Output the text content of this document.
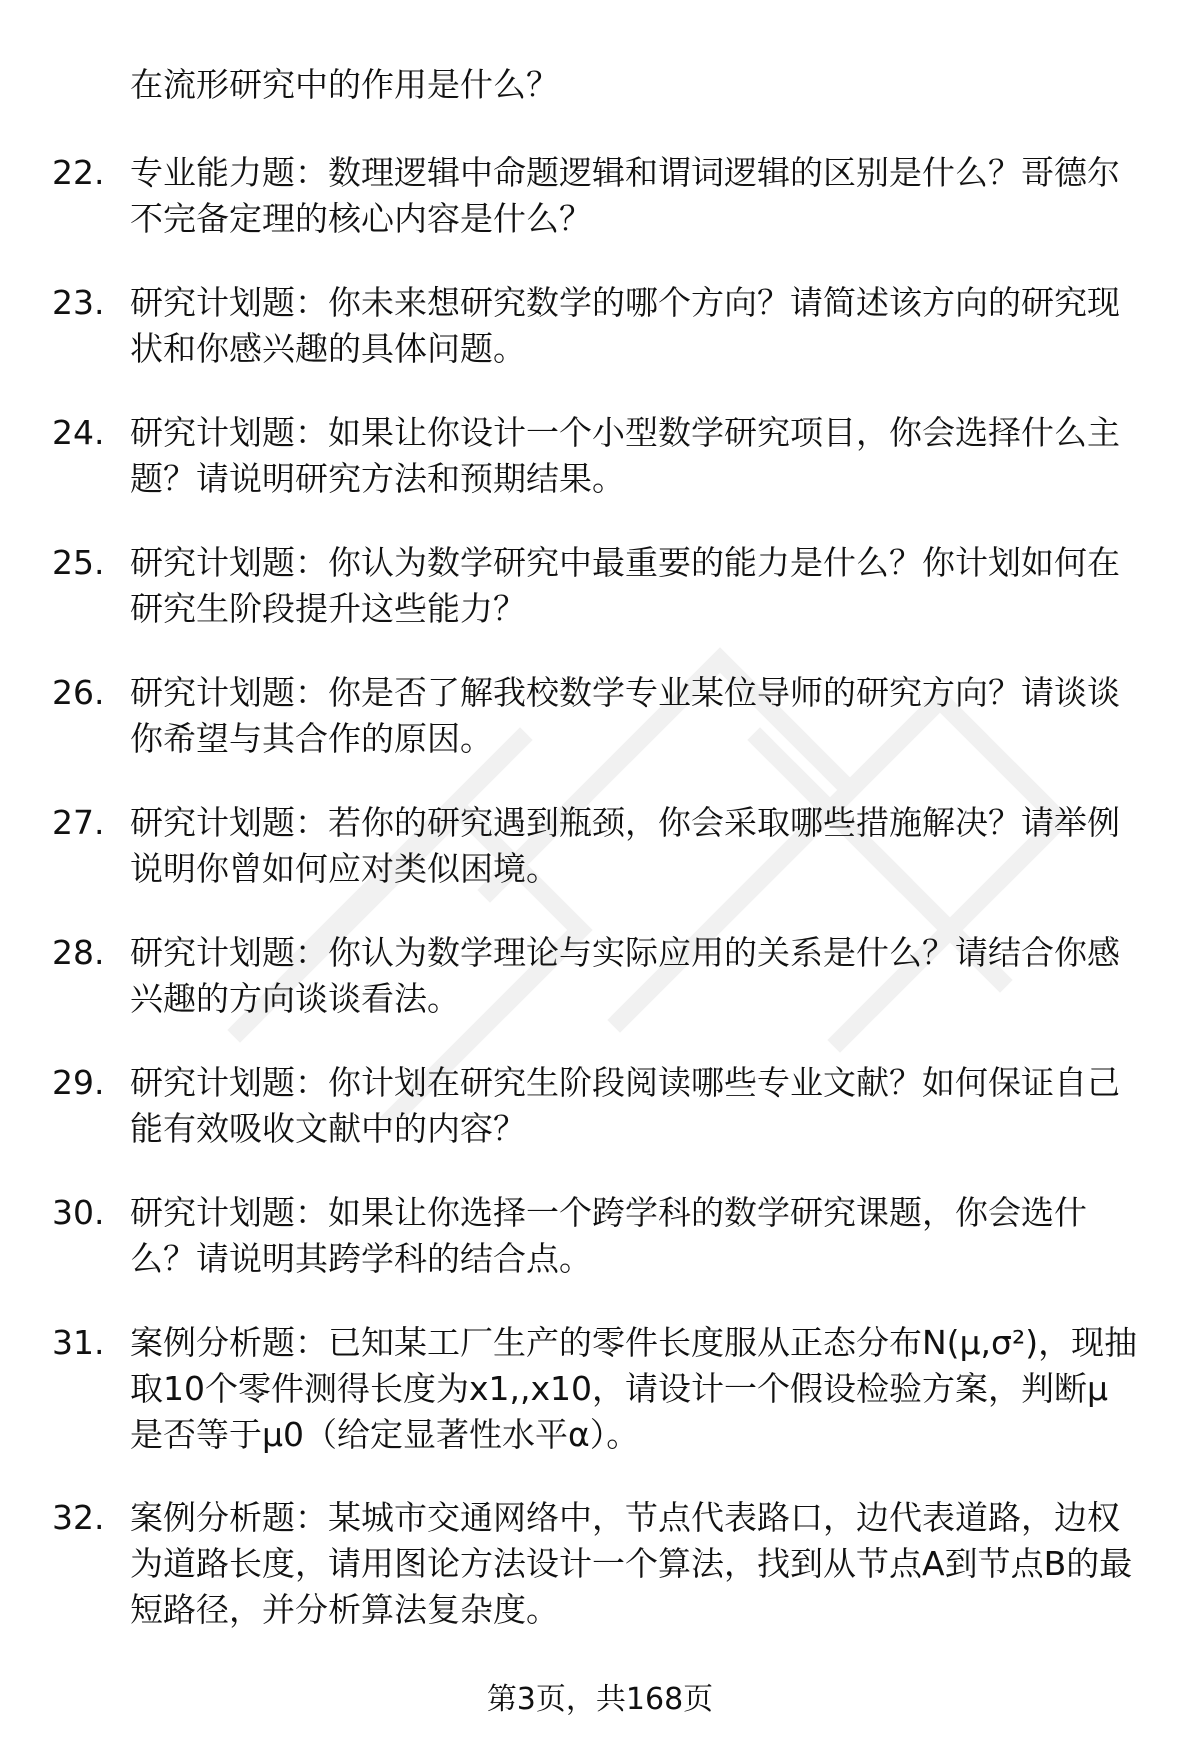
在流形研究中的作用是什么？

22. 专业能力题：数理逻辑中命题逻辑和谓词逻辑的区别是什么？哥德尔不完备定理的核心内容是什么？

23. 研究计划题：你未来想研究数学的哪个方向？请简述该方向的研究现状和你感兴趣的具体问题。

24. 研究计划题：如果让你设计一个小型数学研究项目，你会选择什么主题？请说明研究方法和预期结果。

25. 研究计划题：你认为数学研究中最重要的能力是什么？你计划如何在研究生阶段提升这些能力？

26. 研究计划题：你是否了解我校数学专业某位导师的研究方向？请谈谈你希望与其合作的原因。

27. 研究计划题：若你的研究遇到瓶颈，你会采取哪些措施解决？请举例说明你曾如何应对类似困境。

28. 研究计划题：你认为数学理论与实际应用的关系是什么？请结合你感兴趣的方向谈谈看法。

29. 研究计划题：你计划在研究生阶段阅读哪些专业文献？如何保证自己能有效吸收文献中的内容？

30. 研究计划题：如果让你选择一个跨学科的数学研究课题，你会选什么？请说明其跨学科的结合点。

31. 案例分析题：已知某工厂生产的零件长度服从正态分布N(μ,σ²)，现抽取10个零件测得长度为x1,,x10，请设计一个假设检验方案，判断μ是否等于μ0（给定显著性水平α）。

32. 案例分析题：某城市交通网络中，节点代表路口，边代表道路，边权为道路长度，请用图论方法设计一个算法，找到从节点A到节点B的最短路径，并分析算法复杂度。

第3页，共168页
